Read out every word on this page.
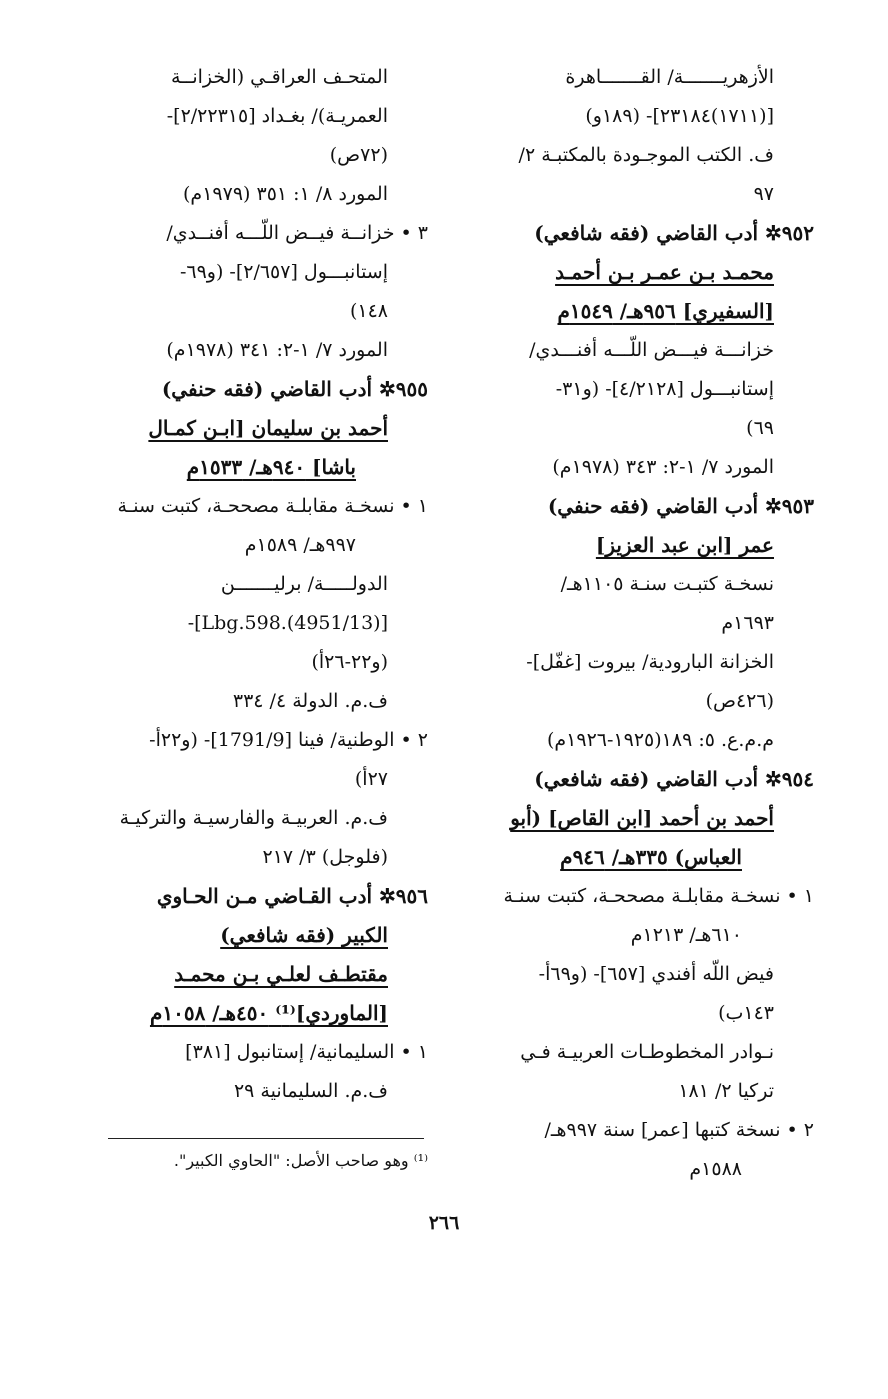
الأزهريـــــــة/ القـــــــاهرة
[(١٧١١)٢٣١٨٤]- (١٨٩و)
ف. الكتب الموجـودة بالمكتبـة ٢/
٩٧
٩٥٢✲ أدب القاضي (فقه شافعي)
محمـد بـن عمـر بـن أحمـد
[السفيري] ٩٥٦هـ/ ١٥٤٩م
خزانـــة فيـــض اللّـــه أفنـــدي/
إستانبـــول [٤/٢١٢٨]- (و٣١-
٦٩)
المورد ٧/ ١-٢: ٣٤٣ (١٩٧٨م)
٩٥٣✲ أدب القاضي (فقه حنفي)
عمر [ابن عبد العزيز]
نسخـة كتبـت سنـة ١١٠٥هـ/
١٦٩٣م
الخزانة البارودية/ بيروت [غفّل]-
(٤٢٦ص)
م.م.ع. ٥: ١٨٩(١٩٢٥-١٩٢٦م)
٩٥٤✲ أدب القاضي (فقه شافعي)
أحمد بن أحمد [ابن القاص] (أبو
العباس) ٣٣٥هـ/ ٩٤٦م
١ • نسخـة مقابلـة مصححـة، كتبت سنـة
٦١٠هـ/ ١٢١٣م
فيض اللّه أفندي [٦٥٧]- (و٦٩أ-
١٤٣ب)
نـوادر المخطوطـات العربيـة فـي
تركيا ٢/ ١٨١
٢ • نسخة كتبها [عمر] سنة ٩٩٧هـ/
١٥٨٨م
المتحـف العراقـي (الخزانــة
العمريـة)/ بغـداد [٢/٢٢٣١٥]-
(٧٢ص)
المورد ٨/ ١: ٣٥١ (١٩٧٩م)
٣ • خزانــة فيــض اللّـــه أفنــدي/
إستانبـــول [٢/٦٥٧]- (و٦٩-
١٤٨)
المورد ٧/ ١-٢: ٣٤١ (١٩٧٨م)
٩٥٥✲ أدب القاضي (فقه حنفي)
أحمد بن سليمان [ابـن كمـال
باشا] ٩٤٠هـ/ ١٥٣٣م
١ • نسخـة مقابلـة مصححـة، كتبت سنـة
٩٩٧هـ/ ١٥٨٩م
الدولـــــة/ برليـــــــن
[(4951/13).Lbg.598]-
(و٢٢-٢٦أ)
ف.م. الدولة ٤/ ٣٣٤
٢ • الوطنية/ فينا [1791/9]- (و٢٢أ-
٢٧أ)
ف.م. العربيـة والفارسيـة والتركيـة
(فلوجل) ٣/ ٢١٧
٩٥٦✲ أدب القـاضي مـن الحـاوي
الكبير (فقه شافعي)
مقتطـف لعلـي بـن محمـد
[الماوردي]⁽¹⁾ ٤٥٠هـ/ ١٠٥٨م
١ • السليمانية/ إستانبول [٣٨١]
ف.م. السليمانية ٢٩
⁽¹⁾ وهو صاحب الأصل: "الحاوي الكبير".
٢٦٦
